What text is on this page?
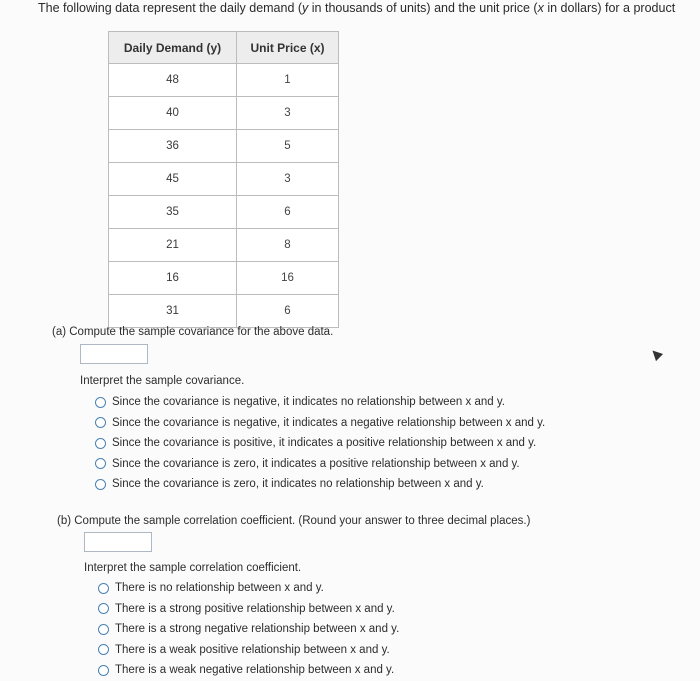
The following data represent the daily demand (y in thousands of units) and the unit price (x in dollars) for a product
Daily Demand (y)	Unit Price (x)
48	1
40	3
36	5
45	3
35	6
21	8
16	16
31	6
(a) Compute the sample covariance for the above data.
Interpret the sample covariance.
Since the covariance is negative, it indicates no relationship between x and y.
Since the covariance is negative, it indicates a negative relationship between x and y.
Since the covariance is positive, it indicates a positive relationship between x and y.
Since the covariance is zero, it indicates a positive relationship between x and y.
Since the covariance is zero, it indicates no relationship between x and y.
(b) Compute the sample correlation coefficient. (Round your answer to three decimal places.)
Interpret the sample correlation coefficient.
There is no relationship between x and y.
There is a strong positive relationship between x and y.
There is a strong negative relationship between x and y.
There is a weak positive relationship between x and y.
There is a weak negative relationship between x and y.
